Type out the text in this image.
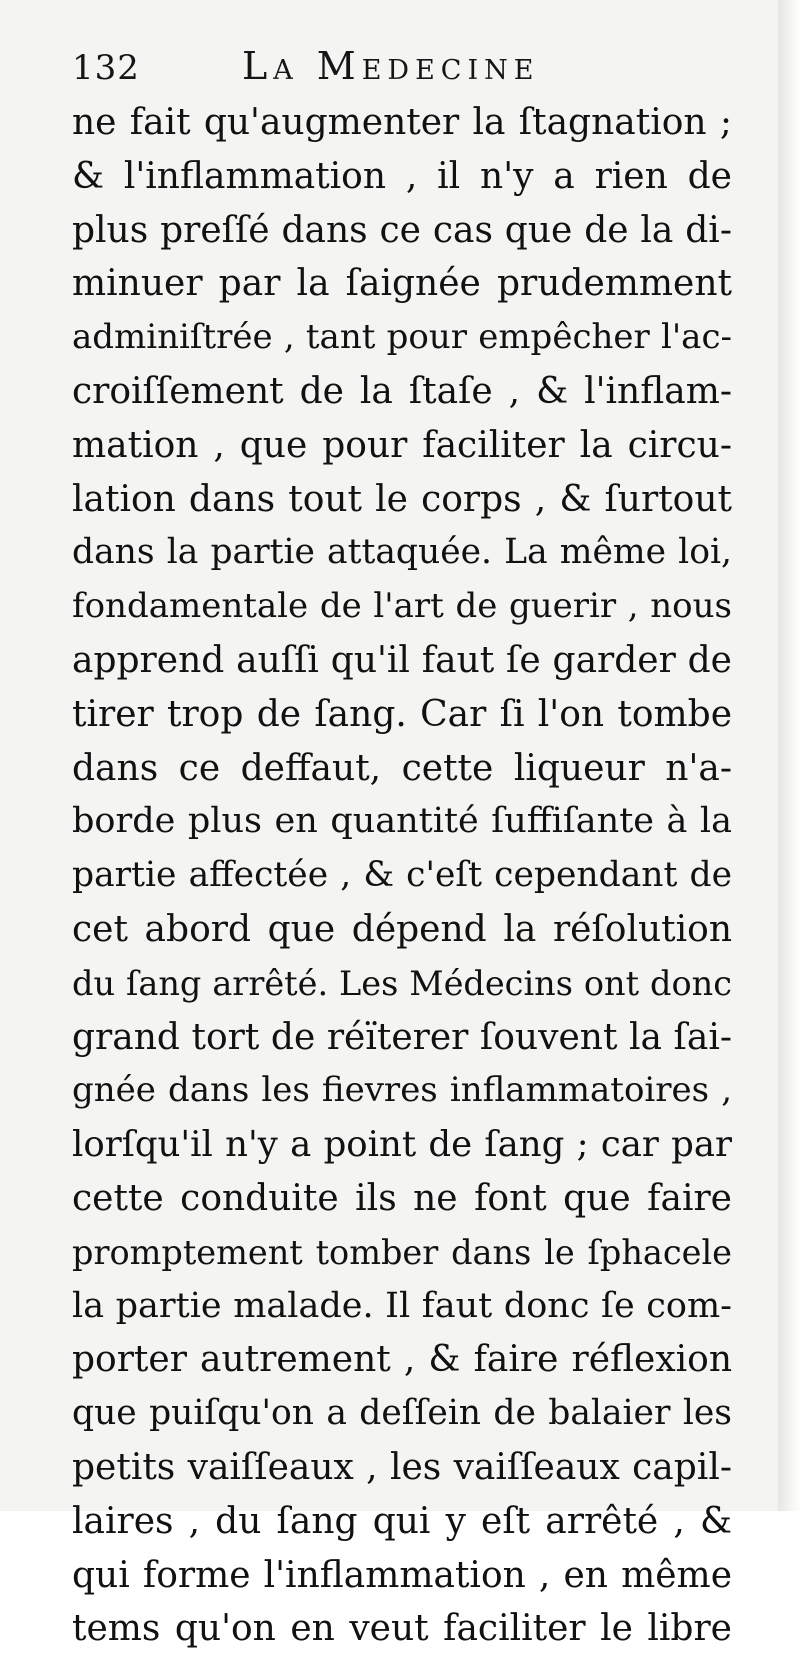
132	La Medecine
ne fait qu'augmenter la ſtagnation ;
& l'inflammation , il n'y a rien de
plus preſſé dans ce cas que de la di-
minuer par la ſaignée prudemment
adminiſtrée , tant pour empêcher l'ac-
croiſſement de la ſtaſe , & l'inflam-
mation , que pour faciliter la circu-
lation dans tout le corps , & ſurtout
dans la partie attaquée. La même loi,
fondamentale de l'art de guerir , nous
apprend auſſi qu'il faut ſe garder de
tirer trop de ſang. Car ſi l'on tombe
dans ce deffaut, cette liqueur n'a-
borde plus en quantité ſuffiſante à la
partie affectée , & c'eſt cependant de
cet abord que dépend la réſolution
du ſang arrêté. Les Médecins ont donc
grand tort de réïterer ſouvent la ſai-
gnée dans les fievres inflammatoires ,
lorſqu'il n'y a point de ſang ; car par
cette conduite ils ne font que faire
promptement tomber dans le ſphacele
la partie malade. Il faut donc ſe com-
porter autrement , & faire réflexion
que puiſqu'on a deſſein de balaier les
petits vaiſſeaux , les vaiſſeaux capil-
laires , du ſang qui y eſt arrêté , &
qui forme l'inflammation , en même
tems qu'on en veut faciliter le libre
